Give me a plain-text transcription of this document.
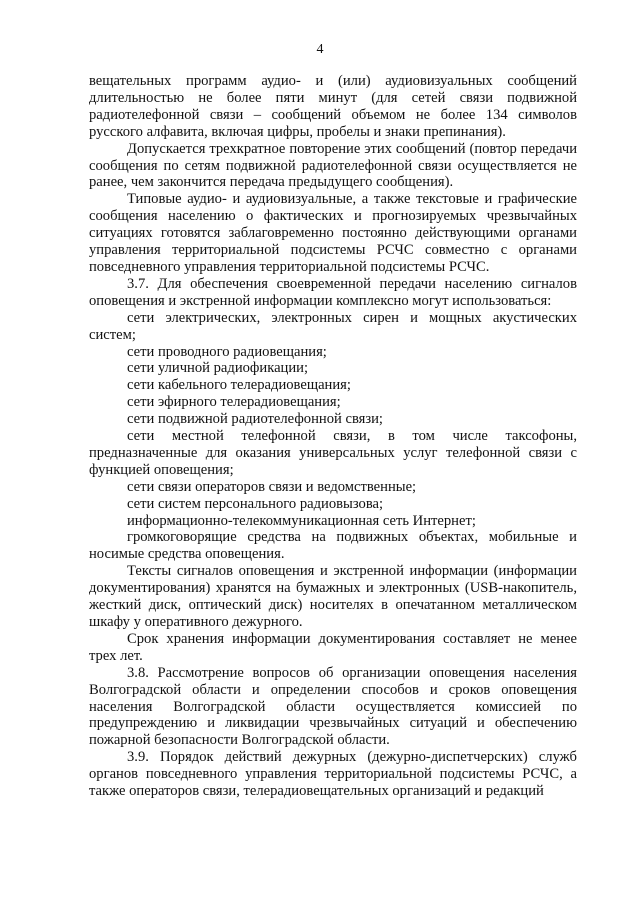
4

вещательных программ аудио- и (или) аудиовизуальных сообщений длительностью не более пяти минут (для сетей связи подвижной радиотелефонной связи – сообщений объемом не более 134 символов русского алфавита, включая цифры, пробелы и знаки препинания).

Допускается трехкратное повторение этих сообщений (повтор передачи сообщения по сетям подвижной радиотелефонной связи осуществляется не ранее, чем закончится передача предыдущего сообщения).

Типовые аудио- и аудиовизуальные, а также текстовые и графические сообщения населению о фактических и прогнозируемых чрезвычайных ситуациях готовятся заблаговременно постоянно действующими органами управления территориальной подсистемы РСЧС совместно с органами повседневного управления территориальной подсистемы РСЧС.

3.7. Для обеспечения своевременной передачи населению сигналов оповещения и экстренной информации комплексно могут использоваться:

сети электрических, электронных сирен и мощных акустических систем;

сети проводного радиовещания;

сети уличной радиофикации;

сети кабельного телерадиовещания;

сети эфирного телерадиовещания;

сети подвижной радиотелефонной связи;

сети местной телефонной связи, в том числе таксофоны, предназначенные для оказания универсальных услуг телефонной связи с функцией оповещения;

сети связи операторов связи и ведомственные;

сети систем персонального радиовызова;

информационно-телекоммуникационная сеть Интернет;

громкоговорящие средства на подвижных объектах, мобильные и носимые средства оповещения.

Тексты сигналов оповещения и экстренной информации (информации документирования) хранятся на бумажных и электронных (USB-накопитель, жесткий диск, оптический диск) носителях в опечатанном металлическом шкафу у оперативного дежурного.

Срок хранения информации документирования составляет не менее трех лет.

3.8. Рассмотрение вопросов об организации оповещения населения Волгоградской области и определении способов и сроков оповещения населения Волгоградской области осуществляется комиссией по предупреждению и ликвидации чрезвычайных ситуаций и обеспечению пожарной безопасности Волгоградской области.

3.9. Порядок действий дежурных (дежурно-диспетчерских) служб органов повседневного управления территориальной подсистемы РСЧС, а также операторов связи, телерадиовещательных организаций и редакций
